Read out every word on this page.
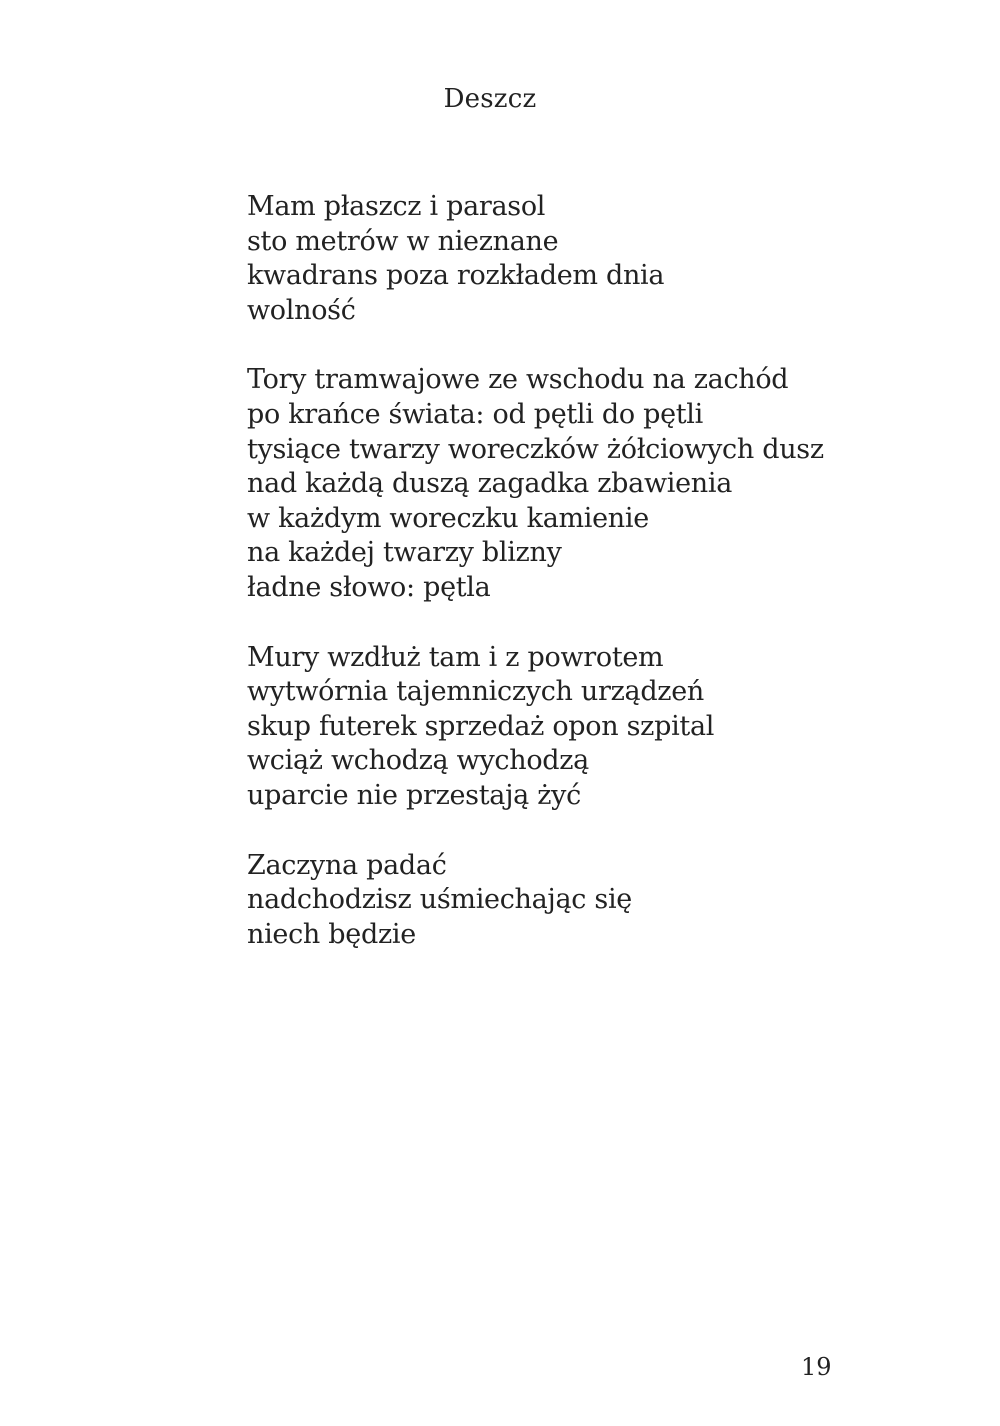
Deszcz

Mam płaszcz i parasol
sto metrów w nieznane
kwadrans poza rozkładem dnia
wolność

Tory tramwajowe ze wschodu na zachód
po krańce świata: od pętli do pętli
tysiące twarzy woreczków żółciowych dusz
nad każdą duszą zagadka zbawienia
w każdym woreczku kamienie
na każdej twarzy blizny
ładne słowo: pętla

Mury wzdłuż tam i z powrotem
wytwórnia tajemniczych urządzeń
skup futerek sprzedaż opon szpital
wciąż wchodzą wychodzą
uparcie nie przestają żyć

Zaczyna padać
nadchodzisz uśmiechając się
niech będzie

19
